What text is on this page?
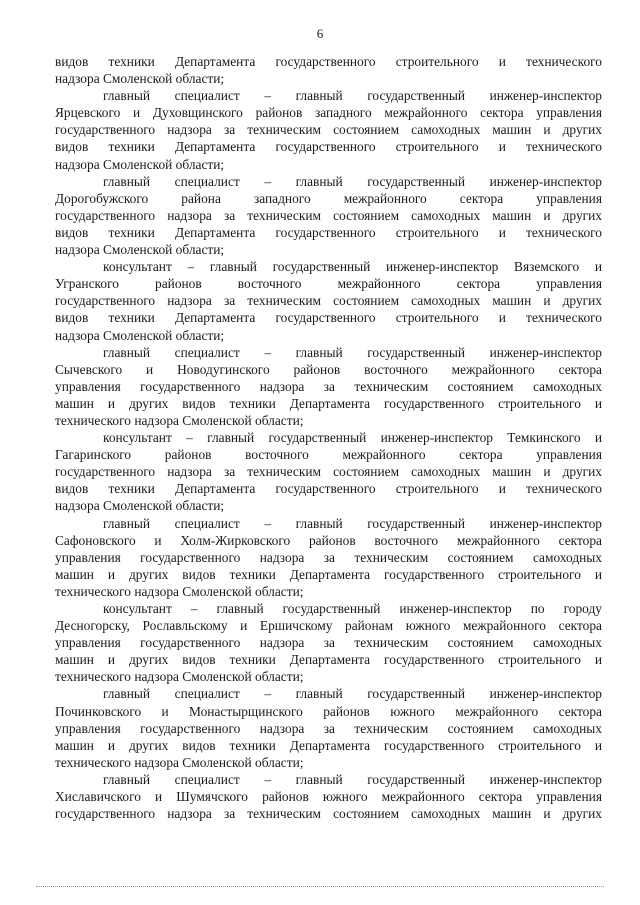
6
видов техники Департамента государственного строительного и технического
надзора Смоленской области;
главный специалист – главный государственный инженер-инспектор
Ярцевского и Духовщинского районов западного межрайонного сектора управления
государственного надзора за техническим состоянием самоходных машин и других
видов техники Департамента государственного строительного и технического
надзора Смоленской области;
главный специалист – главный государственный инженер-инспектор
Дорогобужского района западного межрайонного сектора управления
государственного надзора за техническим состоянием самоходных машин и других
видов техники Департамента государственного строительного и технического
надзора Смоленской области;
консультант – главный государственный инженер-инспектор Вяземского и
Угранского районов восточного межрайонного сектора управления
государственного надзора за техническим состоянием самоходных машин и других
видов техники Департамента государственного строительного и технического
надзора Смоленской области;
главный специалист – главный государственный инженер-инспектор
Сычевского и Новодугинского районов восточного межрайонного сектора
управления государственного надзора за техническим состоянием самоходных
машин и других видов техники Департамента государственного строительного и
технического надзора Смоленской области;
консультант – главный государственный инженер-инспектор Темкинского и
Гагаринского районов восточного межрайонного сектора управления
государственного надзора за техническим состоянием самоходных машин и других
видов техники Департамента государственного строительного и технического
надзора Смоленской области;
главный специалист – главный государственный инженер-инспектор
Сафоновского и Холм-Жирковского районов восточного межрайонного сектора
управления государственного надзора за техническим состоянием самоходных
машин и других видов техники Департамента государственного строительного и
технического надзора Смоленской области;
консультант – главный государственный инженер-инспектор по городу
Десногорску, Рославльскому и Ершичскому районам южного межрайонного сектора
управления государственного надзора за техническим состоянием самоходных
машин и других видов техники Департамента государственного строительного и
технического надзора Смоленской области;
главный специалист – главный государственный инженер-инспектор
Починковского и Монастырщинского районов южного межрайонного сектора
управления государственного надзора за техническим состоянием самоходных
машин и других видов техники Департамента государственного строительного и
технического надзора Смоленской области;
главный специалист – главный государственный инженер-инспектор
Хиславичского и Шумячского районов южного межрайонного сектора управления
государственного надзора за техническим состоянием самоходных машин и других
